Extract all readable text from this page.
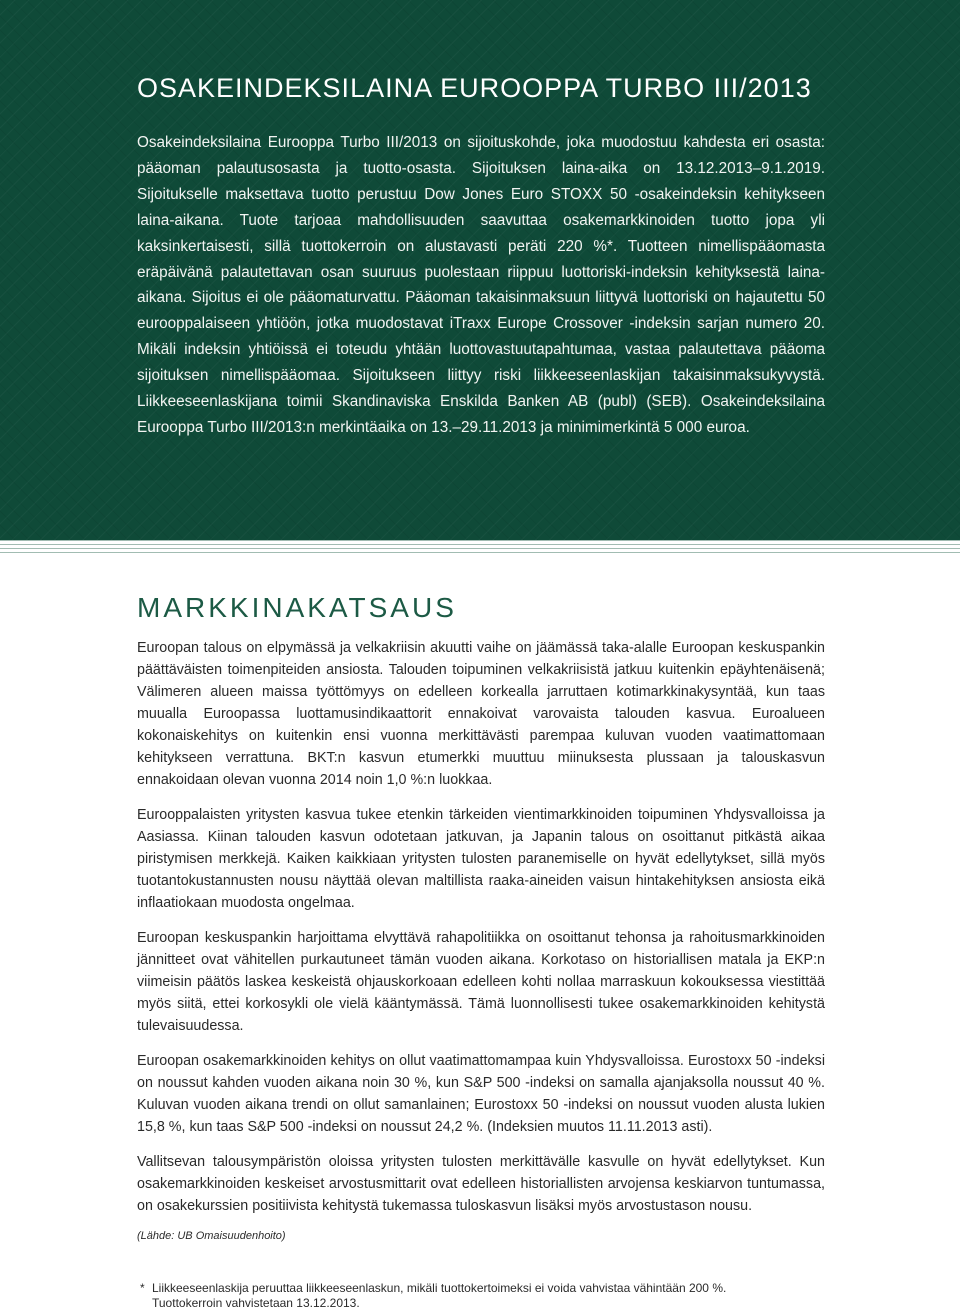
OSAKEINDEKSILAINA EUROOPPA TURBO III/2013

Osakeindeksilaina Eurooppa Turbo III/2013 on sijoituskohde, joka muodostuu kahdesta eri osasta: pääoman palautusosasta ja tuotto-osasta. Sijoituksen laina-aika on 13.12.2013–9.1.2019. Sijoitukselle maksettava tuotto perustuu Dow Jones Euro STOXX 50 -osakeindeksin kehitykseen laina-aikana. Tuote tarjoaa mahdollisuuden saavuttaa osakemarkkinoiden tuotto jopa yli kaksinkertaisesti, sillä tuottokerroin on alustavasti peräti 220 %*. Tuotteen nimellispääomasta eräpäivänä palautettavan osan suuruus puolestaan riippuu luottoriski-indeksin kehityksestä laina-aikana. Sijoitus ei ole pääomaturvattu. Pääoman takaisinmaksuun liittyvä luottoriski on hajautettu 50 eurooppalaiseen yhtiöön, jotka muodostavat iTraxx Europe Crossover -indeksin sarjan numero 20. Mikäli indeksin yhtiöissä ei toteudu yhtään luottovastuutapahtumaa, vastaa palautettava pääoma sijoituksen nimellispääomaa. Sijoitukseen liittyy riski liikkeeseenlaskijan takaisinmaksukyvystä. Liikkeeseenlaskijana toimii Skandinaviska Enskilda Banken AB (publ) (SEB). Osakeindeksilaina Eurooppa Turbo III/2013:n merkintäaika on 13.–29.11.2013 ja minimimerkintä 5 000 euroa.

MARKKINAKATSAUS

Euroopan talous on elpymässä ja velkakriisin akuutti vaihe on jäämässä taka-alalle Euroopan keskuspankin päättäväisten toimenpiteiden ansiosta. Talouden toipuminen velkakriisistä jatkuu kuitenkin epäyhtenäisenä; Välimeren alueen maissa työttömyys on edelleen korkealla jarruttaen kotimarkkinakysyntää, kun taas muualla Euroopassa luottamusindikaattorit ennakoivat varovaista talouden kasvua. Euroalueen kokonaiskehitys on kuitenkin ensi vuonna merkittävästi parempaa kuluvan vuoden vaatimattomaan kehitykseen verrattuna. BKT:n kasvun etumerkki muuttuu miinuksesta plussaan ja talouskasvun ennakoidaan olevan vuonna 2014 noin 1,0 %:n luokkaa.

Eurooppalaisten yritysten kasvua tukee etenkin tärkeiden vientimarkkinoiden toipuminen Yhdysvalloissa ja Aasiassa. Kiinan talouden kasvun odotetaan jatkuvan, ja Japanin talous on osoittanut pitkästä aikaa piristymisen merkkejä. Kaiken kaikkiaan yritysten tulosten paranemiselle on hyvät edellytykset, sillä myös tuotantokustannusten nousu näyttää olevan maltillista raaka-aineiden vaisun hintakehityksen ansiosta eikä inflaatiokaan muodosta ongelmaa.

Euroopan keskuspankin harjoittama elvyttävä rahapolitiikka on osoittanut tehonsa ja rahoitusmarkkinoiden jännitteet ovat vähitellen purkautuneet tämän vuoden aikana. Korkotaso on historiallisen matala ja EKP:n viimeisin päätös laskea keskeistä ohjauskorkoaan edelleen kohti nollaa marraskuun kokouksessa viestittää myös siitä, ettei korkosykli ole vielä kääntymässä. Tämä luonnollisesti tukee osakemarkkinoiden kehitystä tulevaisuudessa.

Euroopan osakemarkkinoiden kehitys on ollut vaatimattomampaa kuin Yhdysvalloissa. Eurostoxx 50 -indeksi on noussut kahden vuoden aikana noin 30 %, kun S&P 500 -indeksi on samalla ajanjaksolla noussut 40 %. Kuluvan vuoden aikana trendi on ollut samanlainen; Eurostoxx 50 -indeksi on noussut vuoden alusta lukien 15,8 %, kun taas S&P 500 -indeksi on noussut 24,2 %. (Indeksien muutos 11.11.2013 asti).

Vallitsevan talousympäristön oloissa yritysten tulosten merkittävälle kasvulle on hyvät edellytykset. Kun osakemarkkinoiden keskeiset arvostusmittarit ovat edelleen historiallisten arvojensa keskiarvon tuntumassa, on osakekurssien positiivista kehitystä tukemassa tuloskasvun lisäksi myös arvostustason nousu.

(Lähde: UB Omaisuudenhoito)
* Liikkeeseenlaskija peruuttaa liikkeeseenlaskun, mikäli tuottokertoimeksi ei voida vahvistaa vähintään 200 %.
Tuottokerroin vahvistetaan 13.12.2013.
